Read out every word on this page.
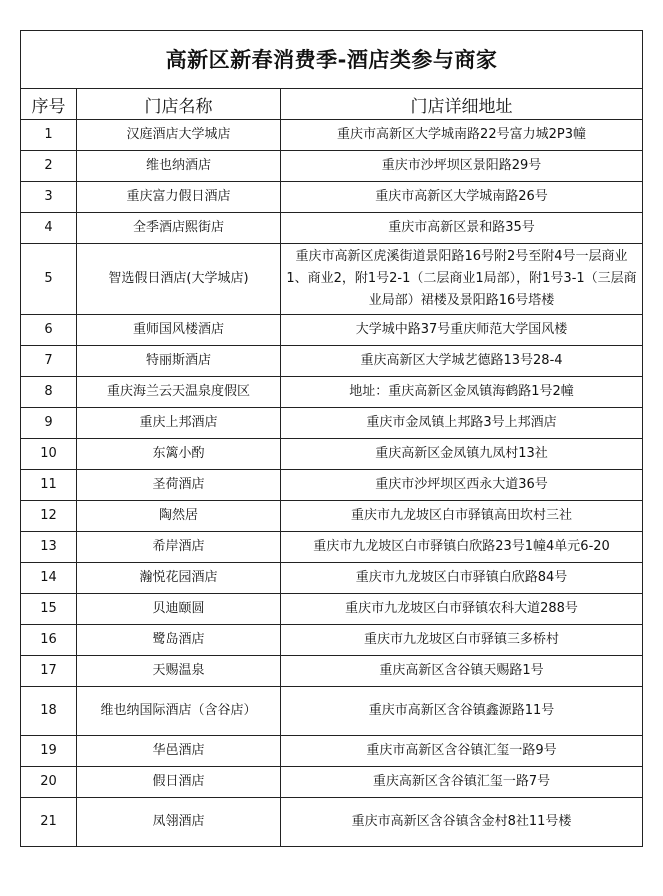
高新区新春消费季-酒店类参与商家		
序号	门店名称	门店详细地址
1	汉庭酒店大学城店	重庆市高新区大学城南路22号富力城2P3幢
2	维也纳酒店	重庆市沙坪坝区景阳路29号
3	重庆富力假日酒店	重庆市高新区大学城南路26号
4	全季酒店熙街店	重庆市高新区景和路35号
5	智选假日酒店(大学城店)	重庆市高新区虎溪街道景阳路16号附2号至附4号一层商业1、商业2，附1号2-1（二层商业1局部），附1号3-1（三层商业局部）裙楼及景阳路16号塔楼
6	重师国风楼酒店	大学城中路37号重庆师范大学国风楼
7	特丽斯酒店	重庆高新区大学城艺德路13号28-4
8	重庆海兰云天温泉度假区	地址：重庆高新区金凤镇海鹤路1号2幢
9	重庆上邦酒店	重庆市金凤镇上邦路3号上邦酒店
10	东篱小酌	重庆高新区金凤镇九凤村13社
11	圣荷酒店	重庆市沙坪坝区西永大道36号
12	陶然居	重庆市九龙坡区白市驿镇高田坎村三社
13	希岸酒店	重庆市九龙坡区白市驿镇白欣路23号1幢4单元6-20
14	瀚悦花园酒店	重庆市九龙坡区白市驿镇白欣路84号
15	贝迪颐圆	重庆市九龙坡区白市驿镇农科大道288号
16	鹭岛酒店	重庆市九龙坡区白市驿镇三多桥村
17	天赐温泉	重庆高新区含谷镇天赐路1号
18	维也纳国际酒店（含谷店）	重庆市高新区含谷镇鑫源路11号
19	华邑酒店	重庆市高新区含谷镇汇玺一路9号
20	假日酒店	重庆高新区含谷镇汇玺一路7号
21	凤翎酒店	重庆市高新区含谷镇含金村8社11号楼
